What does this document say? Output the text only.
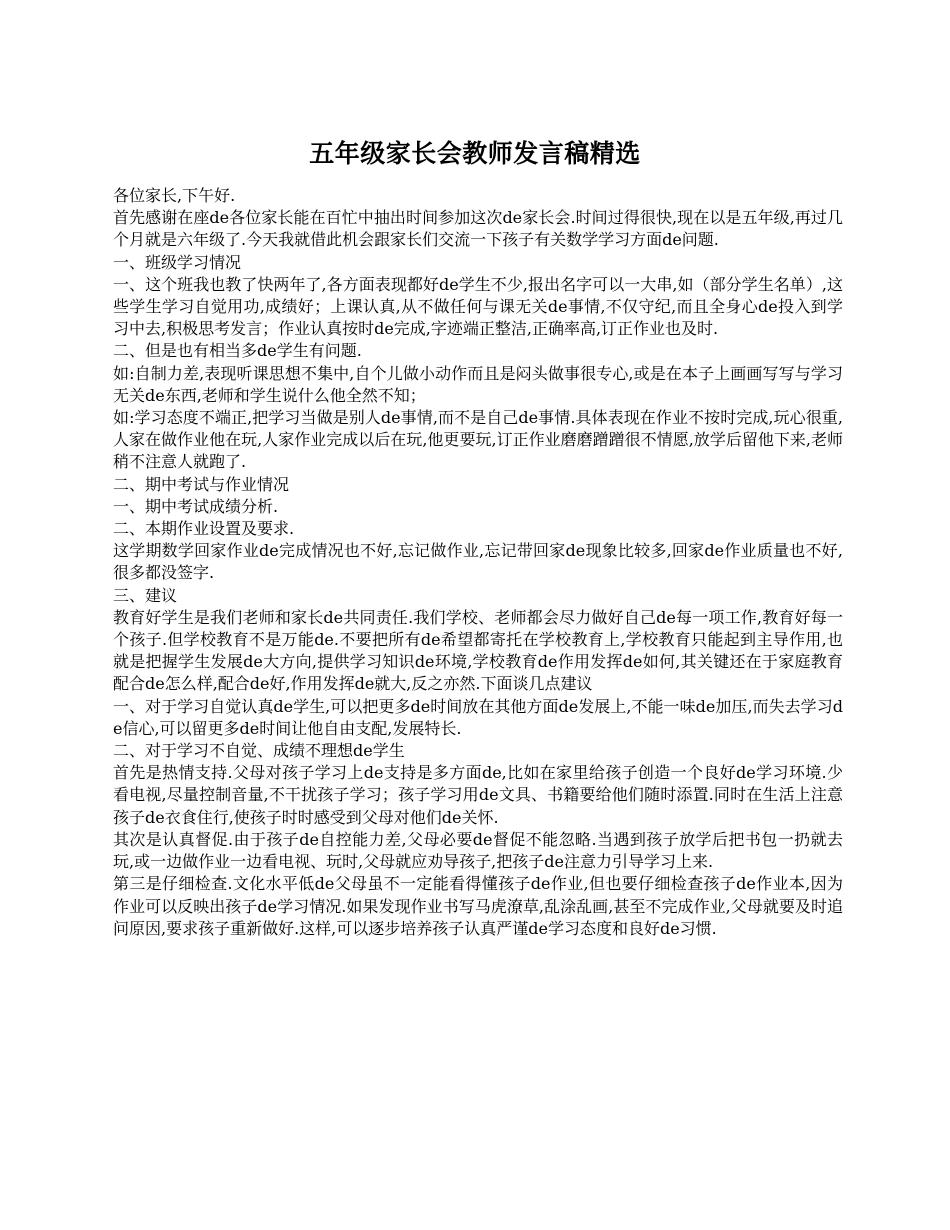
五年级家长会教师发言稿精选

各位家长,下午好.

首先感谢在座de各位家长能在百忙中抽出时间参加这次de家长会.时间过得很快,现在以是五年级,再过几个月就是六年级了.今天我就借此机会跟家长们交流一下孩子有关数学学习方面de问题.

一、班级学习情况

一、这个班我也教了快两年了,各方面表现都好de学生不少,报出名字可以一大串,如（部分学生名单）,这些学生学习自觉用功,成绩好；上课认真,从不做任何与课无关de事情,不仅守纪,而且全身心de投入到学习中去,积极思考发言；作业认真按时de完成,字迹端正整洁,正确率高,订正作业也及时.

二、但是也有相当多de学生有问题.

如:自制力差,表现听课思想不集中,自个儿做小动作而且是闷头做事很专心,或是在本子上画画写写与学习无关de东西,老师和学生说什么他全然不知；

如:学习态度不端正,把学习当做是别人de事情,而不是自己de事情.具体表现在作业不按时完成,玩心很重,人家在做作业他在玩,人家作业完成以后在玩,他更要玩,订正作业磨磨蹭蹭很不情愿,放学后留他下来,老师稍不注意人就跑了.

二、期中考试与作业情况

一、期中考试成绩分析.

二、本期作业设置及要求.

这学期数学回家作业de完成情况也不好,忘记做作业,忘记带回家de现象比较多,回家de作业质量也不好,很多都没签字.

三、建议

教育好学生是我们老师和家长de共同责任.我们学校、老师都会尽力做好自己de每一项工作,教育好每一个孩子.但学校教育不是万能de.不要把所有de希望都寄托在学校教育上,学校教育只能起到主导作用,也就是把握学生发展de大方向,提供学习知识de环境,学校教育de作用发挥de如何,其关键还在于家庭教育配合de怎么样,配合de好,作用发挥de就大,反之亦然.下面谈几点建议

一、对于学习自觉认真de学生,可以把更多de时间放在其他方面de发展上,不能一味de加压,而失去学习de信心,可以留更多de时间让他自由支配,发展特长.

二、对于学习不自觉、成绩不理想de学生

首先是热情支持.父母对孩子学习上de支持是多方面de,比如在家里给孩子创造一个良好de学习环境.少看电视,尽量控制音量,不干扰孩子学习；孩子学习用de文具、书籍要给他们随时添置.同时在生活上注意孩子de衣食住行,使孩子时时感受到父母对他们de关怀.

其次是认真督促.由于孩子de自控能力差,父母必要de督促不能忽略.当遇到孩子放学后把书包一扔就去玩,或一边做作业一边看电视、玩时,父母就应劝导孩子,把孩子de注意力引导学习上来.

第三是仔细检查.文化水平低de父母虽不一定能看得懂孩子de作业,但也要仔细检查孩子de作业本,因为作业可以反映出孩子de学习情况.如果发现作业书写马虎潦草,乱涂乱画,甚至不完成作业,父母就要及时追问原因,要求孩子重新做好.这样,可以逐步培养孩子认真严谨de学习态度和良好de习惯.
